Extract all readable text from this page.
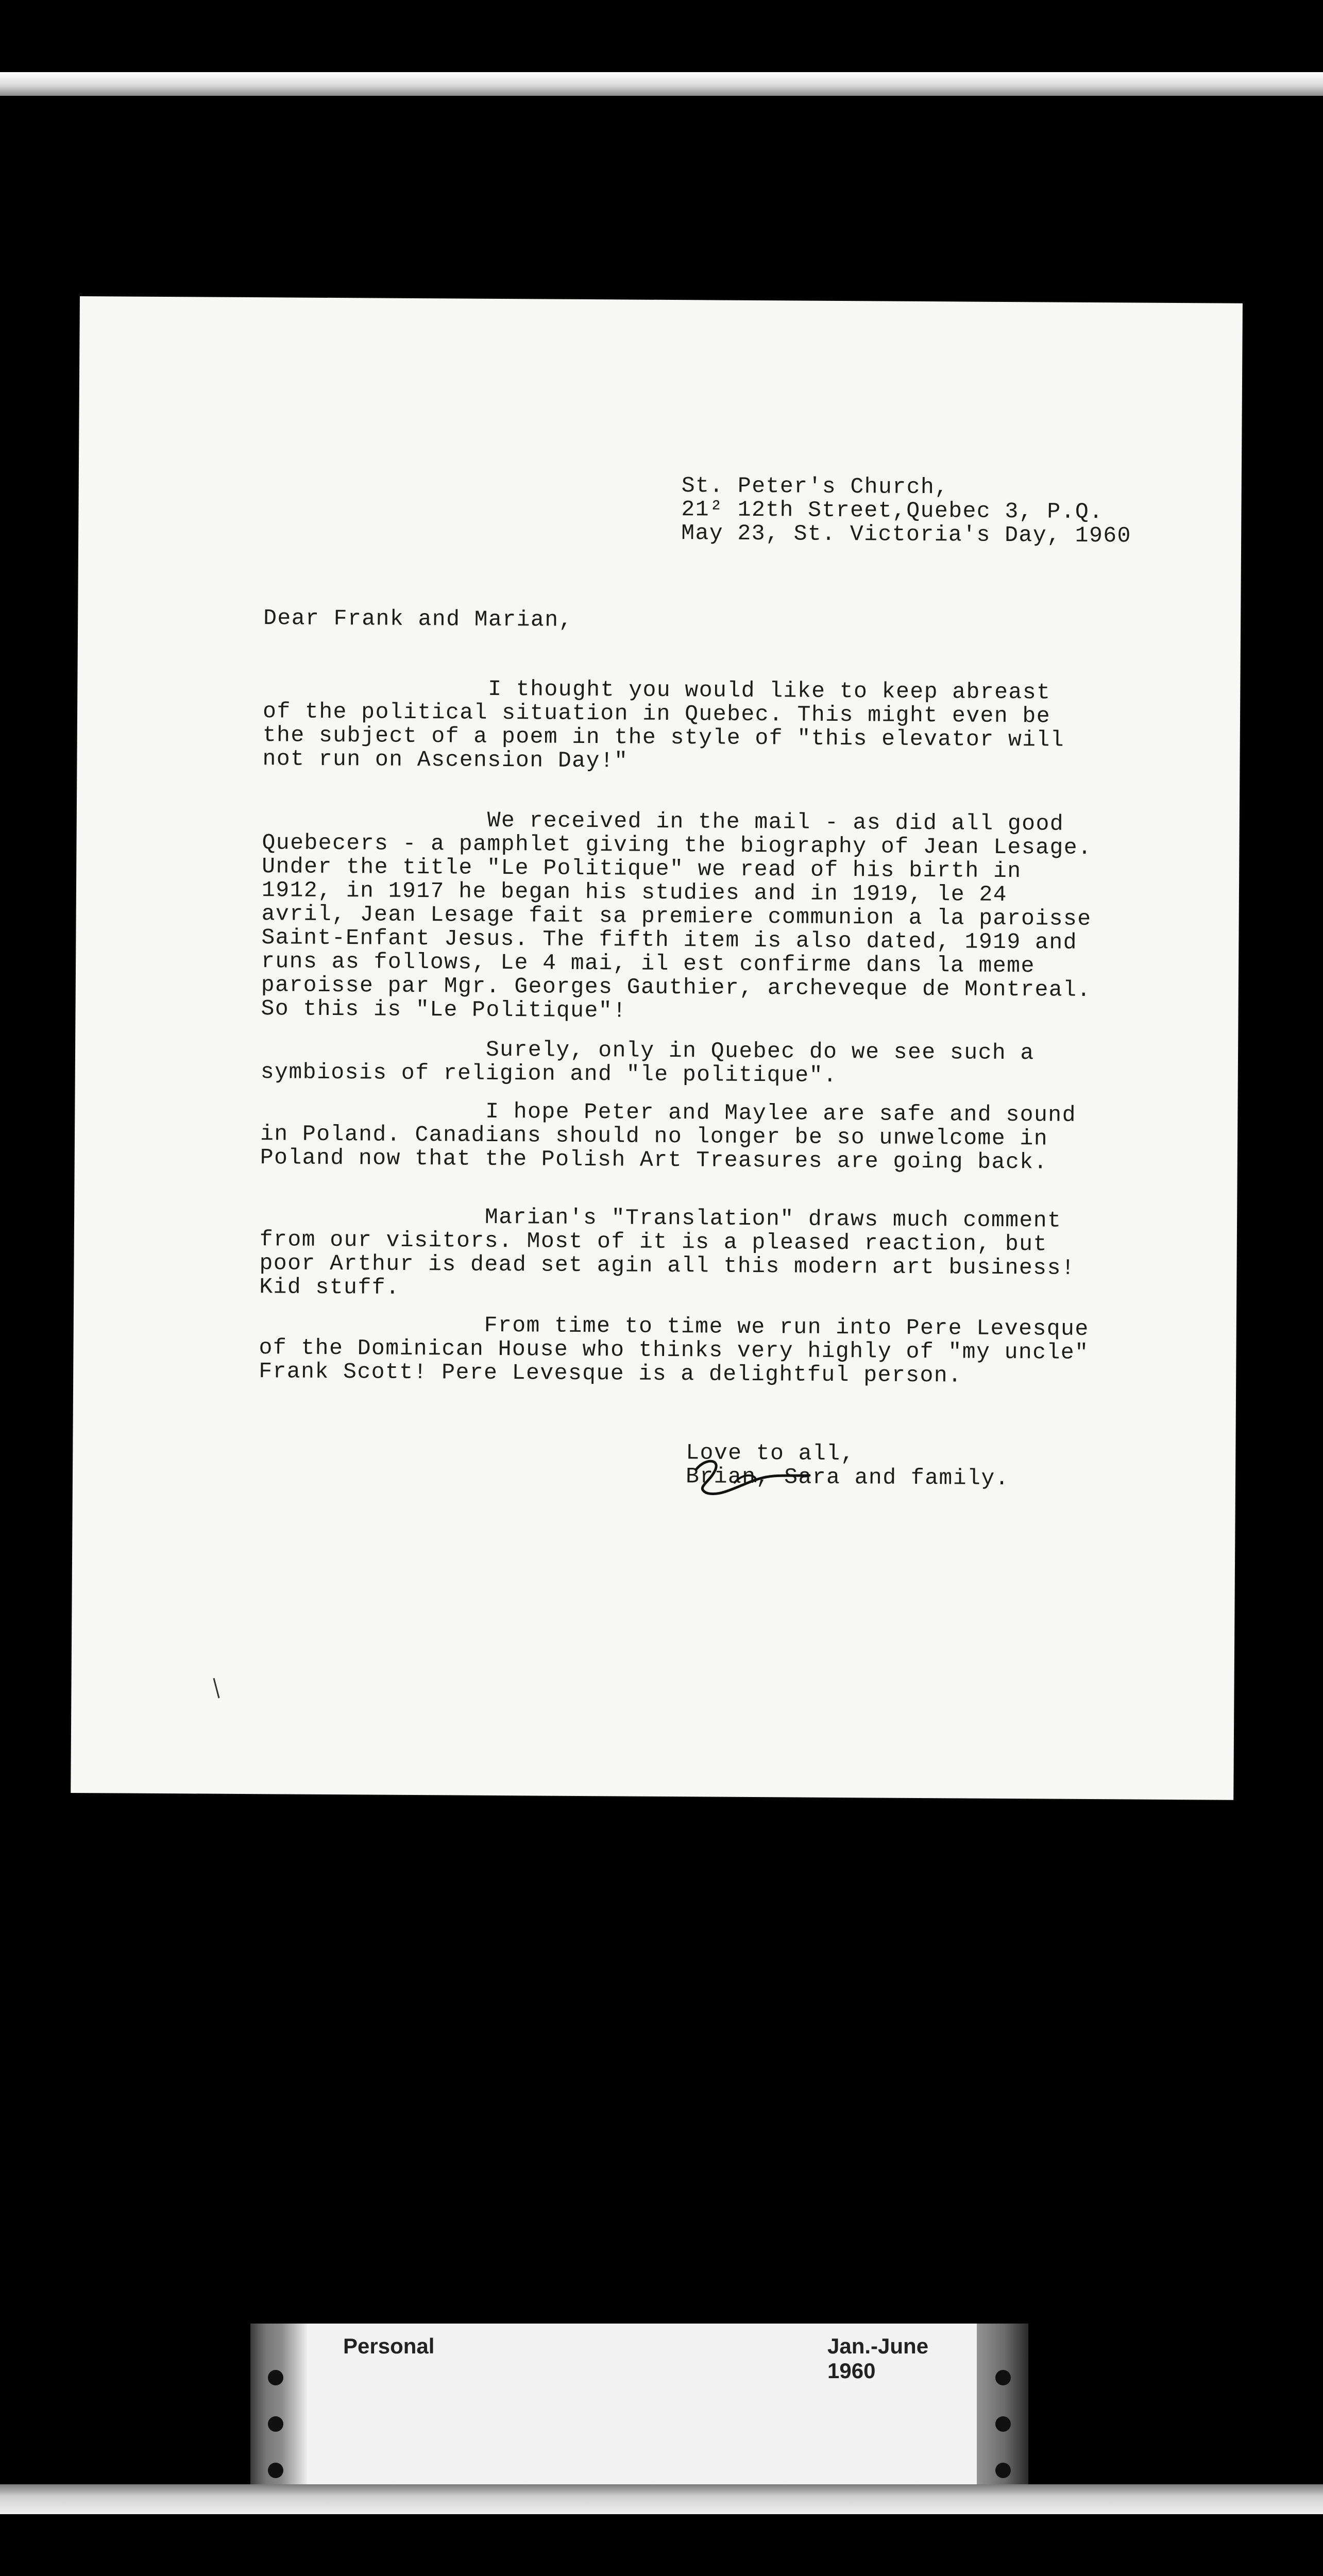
St. Peter's Church,
21² 12th Street,Quebec 3, P.Q.
May 23, St. Victoria's Day, 1960
Dear Frank and Marian,
I thought you would like to keep abreast
of the political situation in Quebec. This might even be
the subject of a poem in the style of "this elevator will
not run on Ascension Day!"
We received in the mail - as did all good
Quebecers - a pamphlet giving the biography of Jean Lesage.
Under the title "Le Politique" we read of his birth in
1912, in 1917 he began his studies and in 1919, le 24
avril, Jean Lesage fait sa premiere communion a la paroisse
Saint-Enfant Jesus. The fifth item is also dated, 1919 and
runs as follows, Le 4 mai, il est confirme dans la meme
paroisse par Mgr. Georges Gauthier, archeveque de Montreal.
So this is "Le Politique"!
Surely, only in Quebec do we see such a
symbiosis of religion and "le politique".
I hope Peter and Maylee are safe and sound
in Poland. Canadians should no longer be so unwelcome in
Poland now that the Polish Art Treasures are going back.
Marian's "Translation" draws much comment
from our visitors. Most of it is a pleased reaction, but
poor Arthur is dead set agin all this modern art business!
Kid stuff.
From time to time we run into Pere Levesque
of the Dominican House who thinks very highly of "my uncle"
Frank Scott! Pere Levesque is a delightful person.
Love to all,
Brian, Sara and family.
Personal	Jan.-June 1960
